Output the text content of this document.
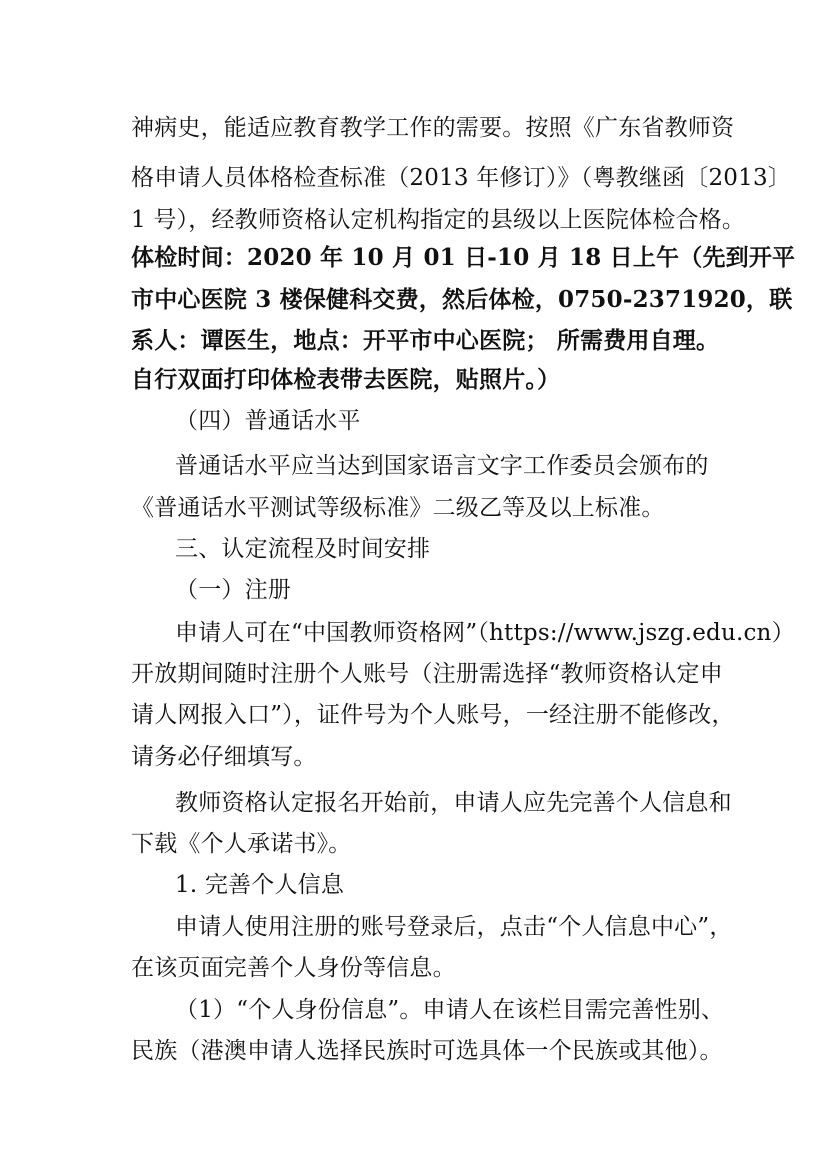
神病史，能适应教育教学工作的需要。按照《广东省教师资
格申请人员体格检查标准（2013 年修订）》（粤教继函〔2013〕
1 号），经教师资格认定机构指定的县级以上医院体检合格。
体检时间：2020 年 10 月 01 日-10 月 18 日上午（先到开平
市中心医院 3 楼保健科交费，然后体检，0750-2371920，联
系人：谭医生，地点：开平市中心医院； 所需费用自理。
自行双面打印体检表带去医院，贴照片。）
（四）普通话水平
普通话水平应当达到国家语言文字工作委员会颁布的
《普通话水平测试等级标准》二级乙等及以上标准。
三、认定流程及时间安排
（一）注册
申请人可在“中国教师资格网”（https://www.jszg.edu.cn）
开放期间随时注册个人账号（注册需选择“教师资格认定申
请人网报入口”），证件号为个人账号，一经注册不能修改，
请务必仔细填写。
教师资格认定报名开始前，申请人应先完善个人信息和
下载《个人承诺书》。
1. 完善个人信息
申请人使用注册的账号登录后，点击“个人信息中心”，
在该页面完善个人身份等信息。
（1）“个人身份信息”。申请人在该栏目需完善性别、
民族（港澳申请人选择民族时可选具体一个民族或其他）。
